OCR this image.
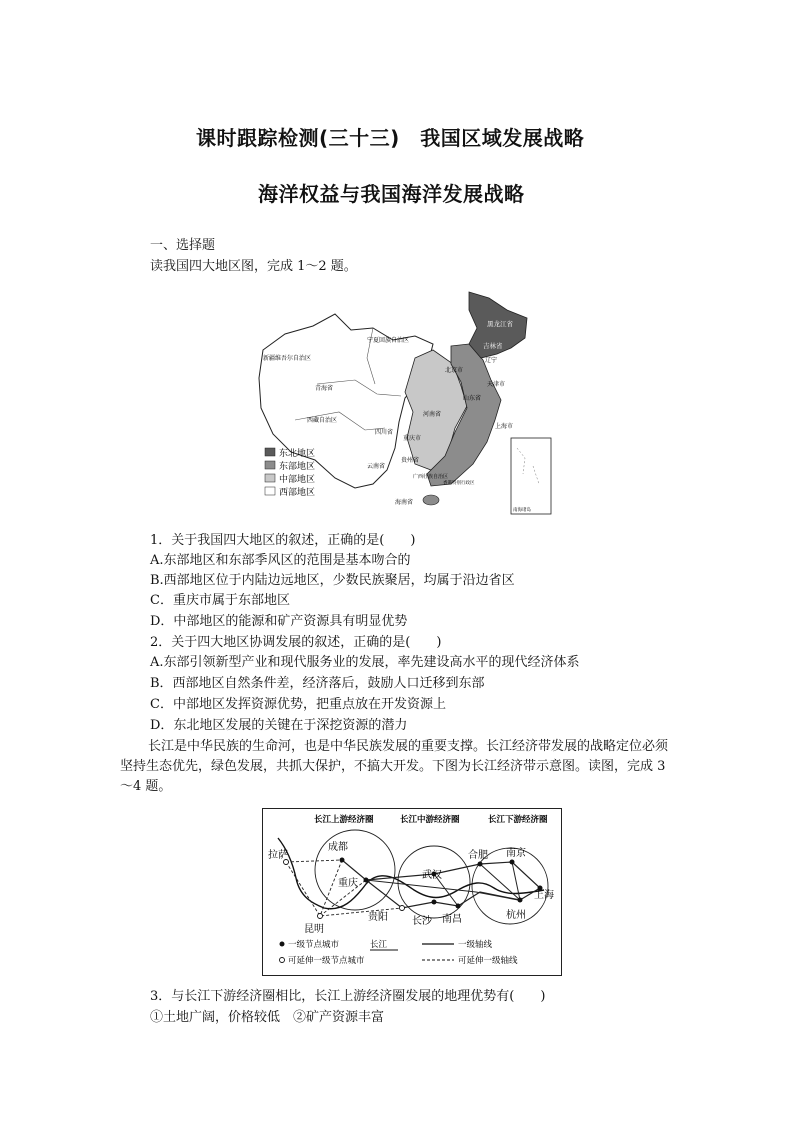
课时跟踪检测(三十三)　我国区域发展战略
海洋权益与我国海洋发展战略
一、选择题
读我国四大地区图，完成 1～2 题。
东北地区
东部地区
中部地区
西部地区
黑龙江省
吉林省
辽宁
新疆维吾尔自治区
宁夏回族自治区
青海省
西藏自治区
四川省
云南省
贵州省
北京市
天津市
山东省
河南省
上海市
重庆市
海南省
广西壮族自治区
香港特别行政区
南海诸岛
1．关于我国四大地区的叙述，正确的是(　　)
A.东部地区和东部季风区的范围是基本吻合的
B.西部地区位于内陆边远地区，少数民族聚居，均属于沿边省区
C．重庆市属于东部地区
D．中部地区的能源和矿产资源具有明显优势
2．关于四大地区协调发展的叙述，正确的是(　　)
A.东部引领新型产业和现代服务业的发展，率先建设高水平的现代经济体系
B．西部地区自然条件差，经济落后，鼓励人口迁移到东部
C．中部地区发挥资源优势，把重点放在开发资源上
D．东北地区发展的关键在于深挖资源的潜力
长江是中华民族的生命河，也是中华民族发展的重要支撑。长江经济带发展的战略定位必须坚持生态优先，绿色发展，共抓大保护，不搞大开发。下图为长江经济带示意图。读图，完成 3～4 题。
长江上游经济圈	长江中游经济圈	长江下游经济圈
拉萨
成都
重庆
昆明
贵阳
武汉
长沙 南昌
合肥 南京
上海
杭州
一级节点城市	长江	一级轴线
可延伸一级节点城市	可延伸一级轴线
3．与长江下游经济圈相比，长江上游经济圈发展的地理优势有(　　)
①土地广阔，价格较低　②矿产资源丰富
